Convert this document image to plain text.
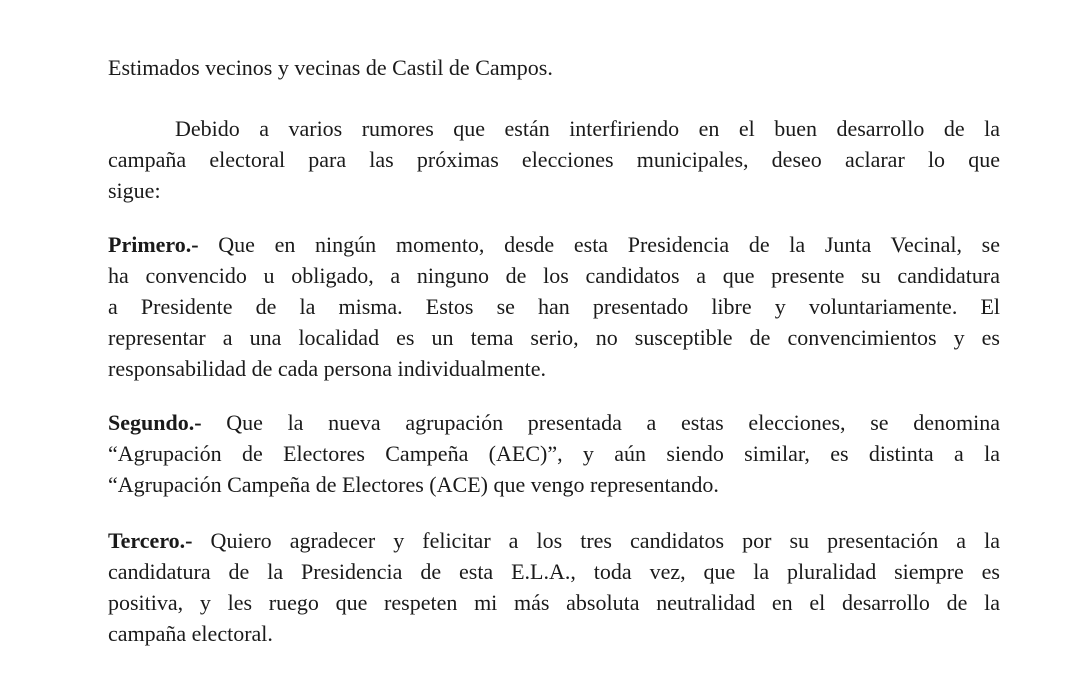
Estimados vecinos y vecinas de Castil de Campos.

Debido a varios rumores que están interfiriendo en el buen desarrollo de la

campaña electoral para las próximas elecciones municipales, deseo aclarar lo que

sigue:

Primero.- Que en ningún momento, desde esta Presidencia de la Junta Vecinal, se

ha convencido u obligado, a ninguno de los candidatos a que presente su candidatura

a Presidente de la misma. Estos se han presentado libre y voluntariamente. El

representar a una localidad es un tema serio, no susceptible de convencimientos y es

responsabilidad de cada persona individualmente.

Segundo.- Que la nueva agrupación presentada a estas elecciones, se denomina

“Agrupación de Electores Campeña (AEC)”, y aún siendo similar, es distinta a la

“Agrupación Campeña de Electores (ACE) que vengo representando.

Tercero.- Quiero agradecer y felicitar a los tres candidatos por su presentación a la

candidatura de la Presidencia de esta E.L.A., toda vez, que la pluralidad siempre es

positiva, y les ruego que respeten mi más absoluta neutralidad en el desarrollo de la

campaña electoral.
